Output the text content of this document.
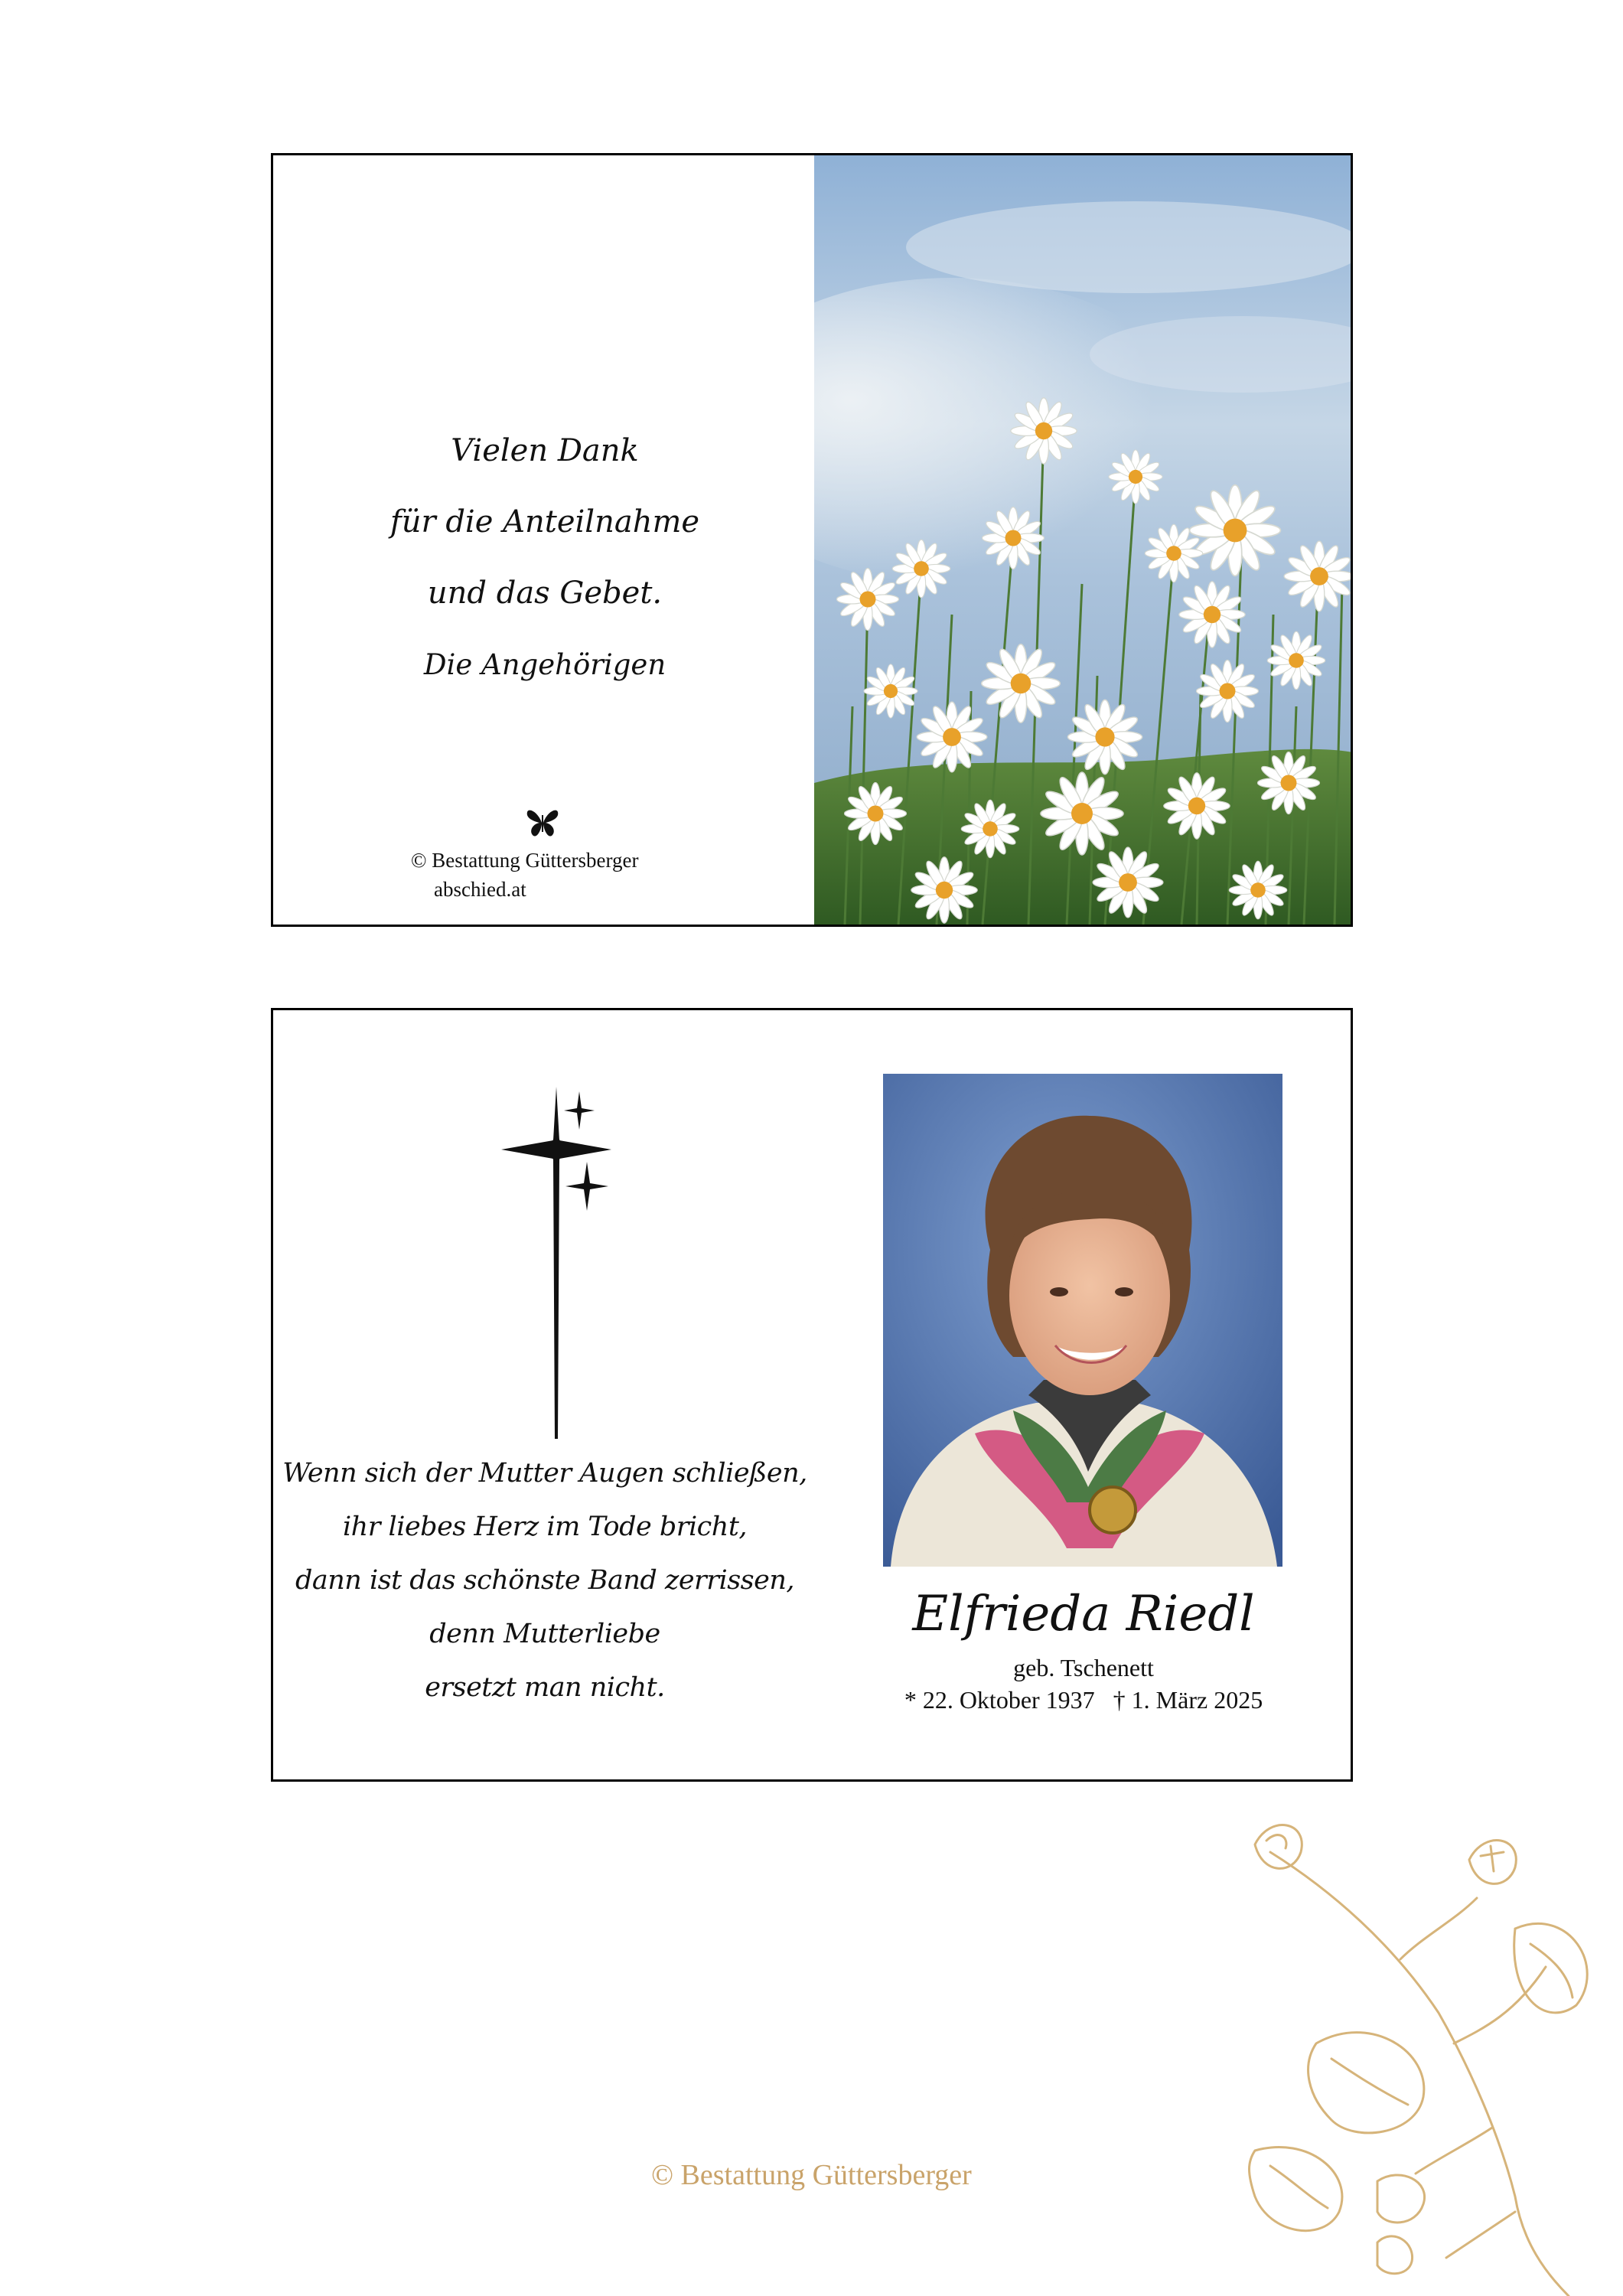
Vielen Dank
für die Anteilnahme
und das Gebet.
Die Angehörigen
© Bestattung Güttersberger
abschied.at
Wenn sich der Mutter Augen schließen,
ihr liebes Herz im Tode bricht,
dann ist das schönste Band zerrissen,
denn Mutterliebe
ersetzt man nicht.
Elfrieda Riedl
geb. Tschenett
* 22. Oktober 1937 † 1. März 2025
© Bestattung Güttersberger
